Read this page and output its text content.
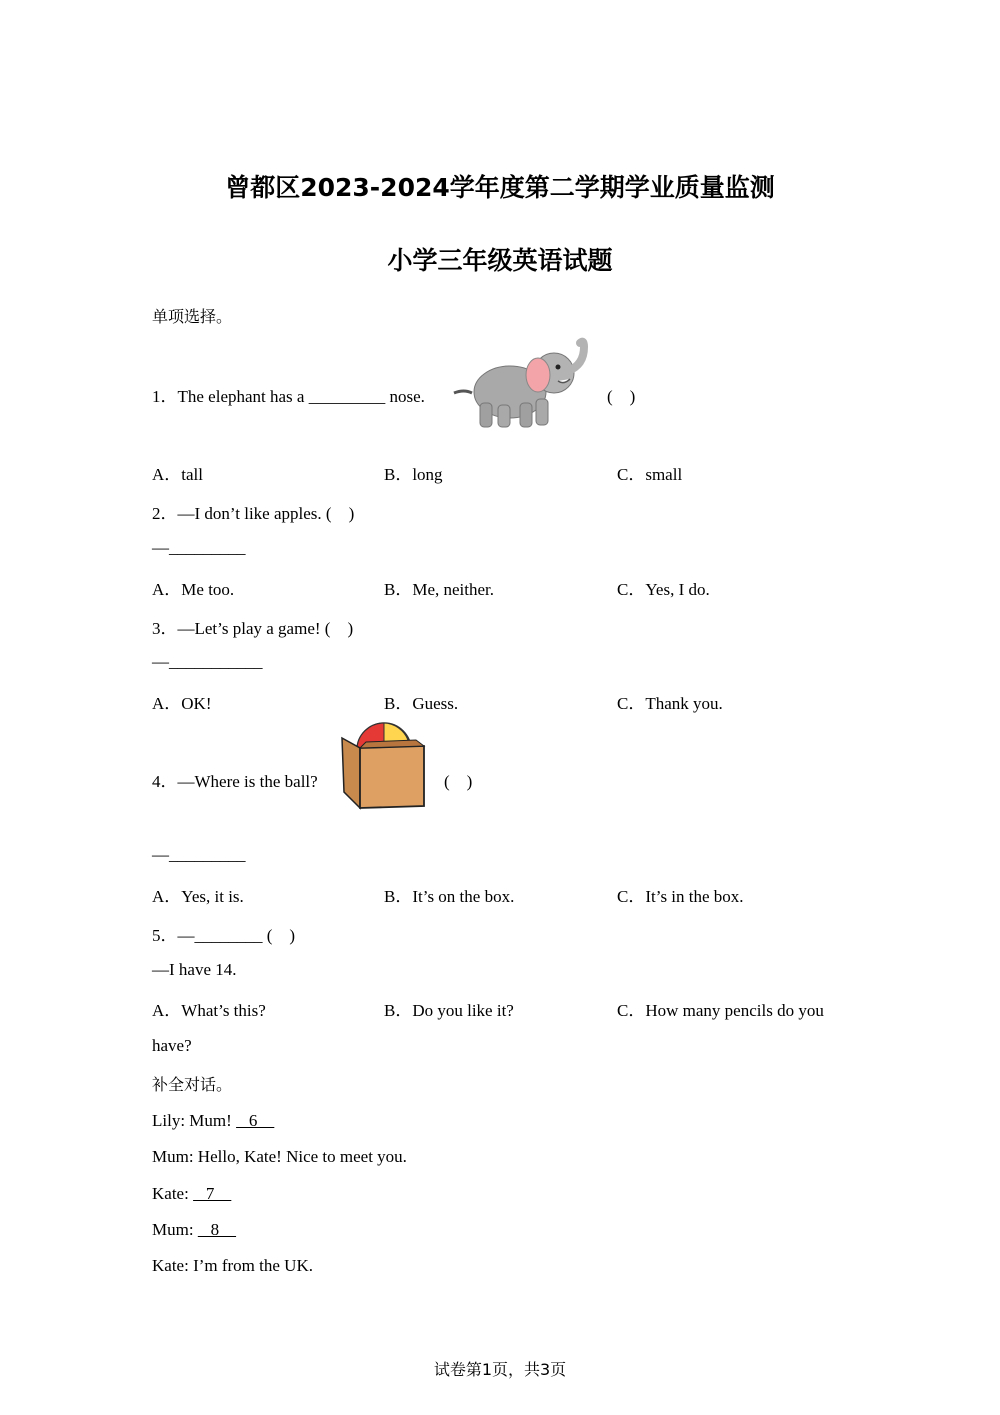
曾都区2023-2024学年度第二学期学业质量监测
小学三年级英语试题
单项选择。
1．The elephant has a _________ nose.	(　)
A．tall	B．long	C．small
2．—I don’t like apples. (　)
—_________
A．Me too.	B．Me, neither.	C．Yes, I do.
3．—Let’s play a game! (　)
—___________
A．OK!	B．Guess.	C．Thank you.
4．—Where is the ball?	(　)
—_________
A．Yes, it is.	B．It’s on the box.	C．It’s in the box.
5．—________ (　)
—I have 14.
A．What’s this?	B．Do you like it?	C．How many pencils do you
have?
补全对话。
Lily: Mum!    6
Mum: Hello, Kate! Nice to meet you.
Kate:    7
Mum:    8
Kate: I’m from the UK.
试卷第1页，共3页
